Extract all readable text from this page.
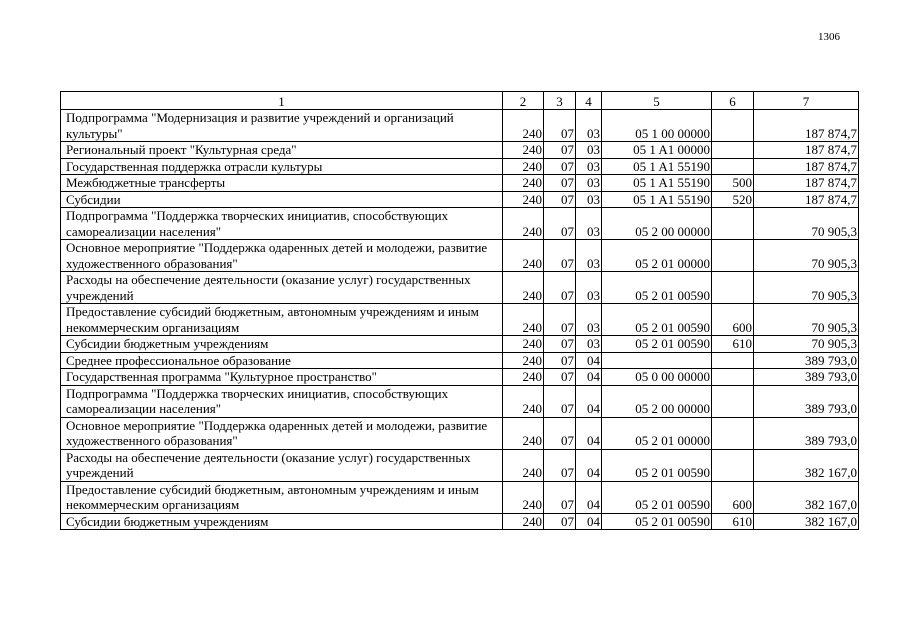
1306
1	2	3	4	5	6	7
Подпрограмма "Модернизация и развитие учреждений и организаций культуры"	240	07	03	05 1 00 00000		187 874,7
Региональный проект "Культурная среда"	240	07	03	05 1 A1 00000		187 874,7
Государственная поддержка отрасли культуры	240	07	03	05 1 A1 55190		187 874,7
Межбюджетные трансферты	240	07	03	05 1 A1 55190	500	187 874,7
Субсидии	240	07	03	05 1 A1 55190	520	187 874,7
Подпрограмма "Поддержка творческих инициатив, способствующих самореализации населения"	240	07	03	05 2 00 00000		70 905,3
Основное мероприятие "Поддержка одаренных детей и молодежи, развитие художественного образования"	240	07	03	05 2 01 00000		70 905,3
Расходы на обеспечение деятельности (оказание услуг) государственных учреждений	240	07	03	05 2 01 00590		70 905,3
Предоставление субсидий бюджетным, автономным учреждениям и иным некоммерческим организациям	240	07	03	05 2 01 00590	600	70 905,3
Субсидии бюджетным учреждениям	240	07	03	05 2 01 00590	610	70 905,3
Среднее профессиональное образование	240	07	04			389 793,0
Государственная программа "Культурное пространство"	240	07	04	05 0 00 00000		389 793,0
Подпрограмма "Поддержка творческих инициатив, способствующих самореализации населения"	240	07	04	05 2 00 00000		389 793,0
Основное мероприятие "Поддержка одаренных детей и молодежи, развитие художественного образования"	240	07	04	05 2 01 00000		389 793,0
Расходы на обеспечение деятельности (оказание услуг) государственных учреждений	240	07	04	05 2 01 00590		382 167,0
Предоставление субсидий бюджетным, автономным учреждениям и иным некоммерческим организациям	240	07	04	05 2 01 00590	600	382 167,0
Субсидии бюджетным учреждениям	240	07	04	05 2 01 00590	610	382 167,0
